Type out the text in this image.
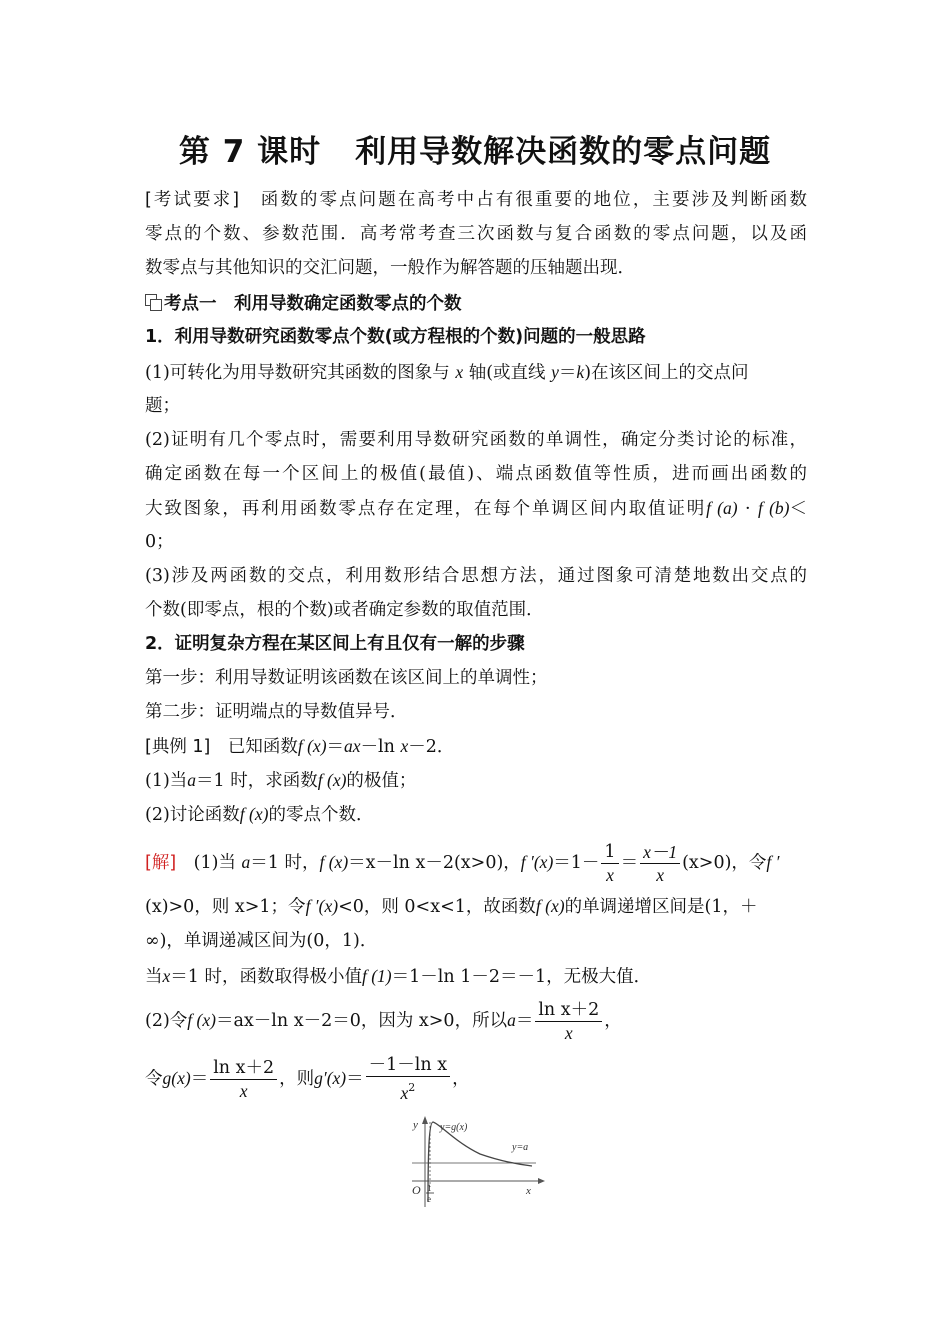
第 7 课时 利用导数解决函数的零点问题
[考试要求]　 函数的零点问题在高考中占有很重要的地位，主要涉及判断函数
零点的个数、参数范围．高考常考查三次函数与复合函数的零点问题，以及函
数零点与其他知识的交汇问题，一般作为解答题的压轴题出现．
考点一　利用导数确定函数零点的个数
1．利用导数研究函数零点个数(或方程根的个数)问题的一般思路
(1)可转化为用导数研究其函数的图象与 x 轴(或直线 y＝k)在该区间上的交点问
题；
(2)证明有几个零点时，需要利用导数研究函数的单调性，确定分类讨论的标准，
确定函数在每一个区间上的极值(最值)、端点函数值等性质，进而画出函数的
大致图象，再利用函数零点存在定理，在每个单调区间内取值证明f (a) · f (b)＜
0；
(3)涉及两函数的交点，利用数形结合思想方法，通过图象可清楚地数出交点的
个数(即零点，根的个数)或者确定参数的取值范围．
2．证明复杂方程在某区间上有且仅有一解的步骤
第一步：利用导数证明该函数在该区间上的单调性；
第二步：证明端点的导数值异号．
[典例 1]　 已知函数f (x)＝ax－ln x－2．
(1)当a＝1 时，求函数f (x)的极值；
(2)讨论函数f (x)的零点个数．
[解]　 (1)当 a＝1 时，f (x)＝x－ln x－2(x>0)，f $'(x)=1- \frac{1}{x} = \frac{x-1}{x} (x>0)$，令f ′
(x)>0，则 x>1；令f ′(x)<0，则 0<x<1，故函数f (x)的单调递增区间是(1，＋
∞)，单调递减区间为(0，1)．
当x＝1 时，函数取得极小值f (1)＝1－ln 1－2＝－1，无极大值．
(2)令f (x)＝ax－ln x－2＝0，因为 x>0，所以$a= \frac{\text{ln x＋2}}{x}$ ，
令$g(x)= \frac{\text{ln x＋2}}{x}$ ，则$g'(x)= \frac{\text{－1－ln x}}{x^2}$ ，
y
x
O
y=g(x)
y=a
1
e
